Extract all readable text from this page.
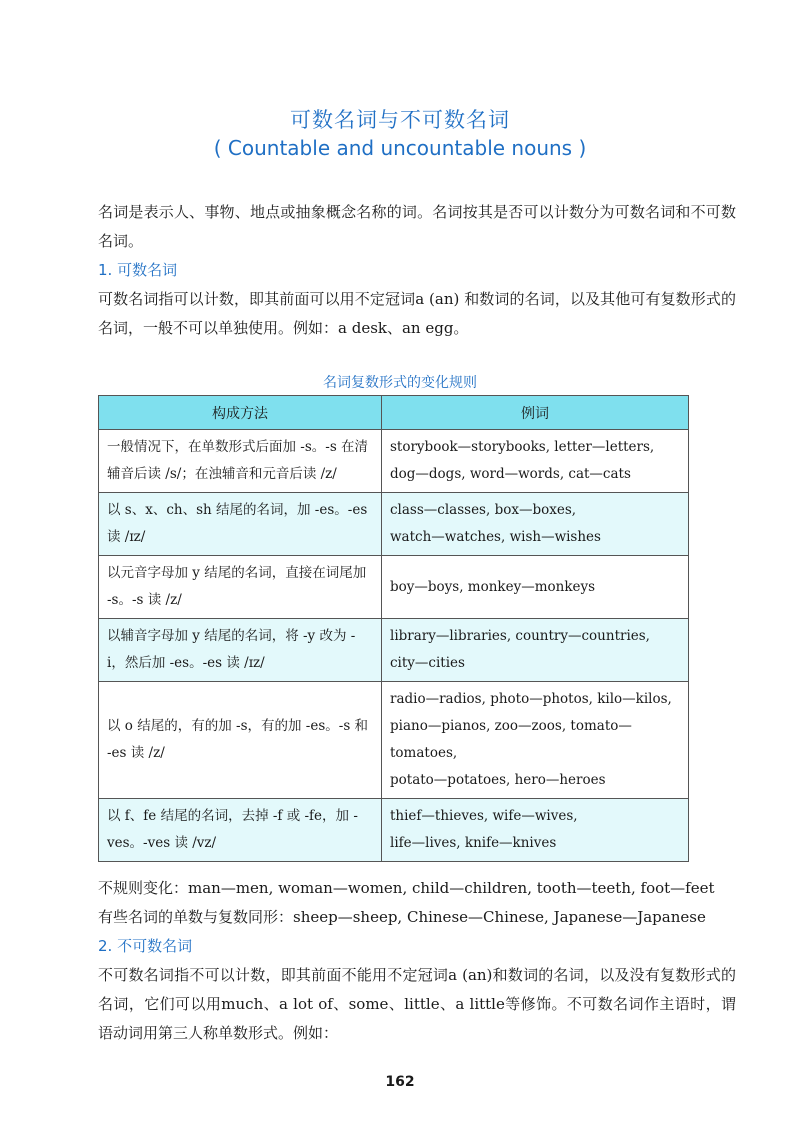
可数名词与不可数名词
( Countable and uncountable nouns )
名词是表示人、事物、地点或抽象概念名称的词。名词按其是否可以计数分为可数名词和不可数名词。
1. 可数名词
可数名词指可以计数，即其前面可以用不定冠词a (an) 和数词的名词，以及其他可有复数形式的名词，一般不可以单独使用。例如：a desk、an egg。
名词复数形式的变化规则
构成方法	例词
一般情况下，在单数形式后面加 -s。-s 在清辅音后读 /s/；在浊辅音和元音后读 /z/	storybook—storybooks, letter—letters,
dog—dogs, word—words, cat—cats

以 s、x、ch、sh 结尾的名词，加 -es。-es 读 /ɪz/	class—classes, box—boxes,
watch—watches, wish—wishes

以元音字母加 y 结尾的名词，直接在词尾加 -s。-s 读 /z/	boy—boys, monkey—monkeys

以辅音字母加 y 结尾的名词，将 -y 改为 -i，然后加 -es。-es 读 /ɪz/	library—libraries, country—countries,
city—cities

以 o 结尾的，有的加 -s，有的加 -es。-s 和 -es 读 /z/	radio—radios, photo—photos, kilo—kilos,
piano—pianos, zoo—zoos, tomato—tomatoes,
potato—potatoes, hero—heroes

以 f、fe 结尾的名词，去掉 -f 或 -fe，加 -ves。-ves 读 /vz/	thief—thieves, wife—wives,
life—lives, knife—knives
不规则变化：man—men, woman—women, child—children, tooth—teeth, foot—feet
有些名词的单数与复数同形：sheep—sheep, Chinese—Chinese, Japanese—Japanese
2. 不可数名词
不可数名词指不可以计数，即其前面不能用不定冠词a (an)和数词的名词，以及没有复数形式的名词，它们可以用much、a lot of、some、little、a little等修饰。不可数名词作主语时，谓语动词用第三人称单数形式。例如：
162
